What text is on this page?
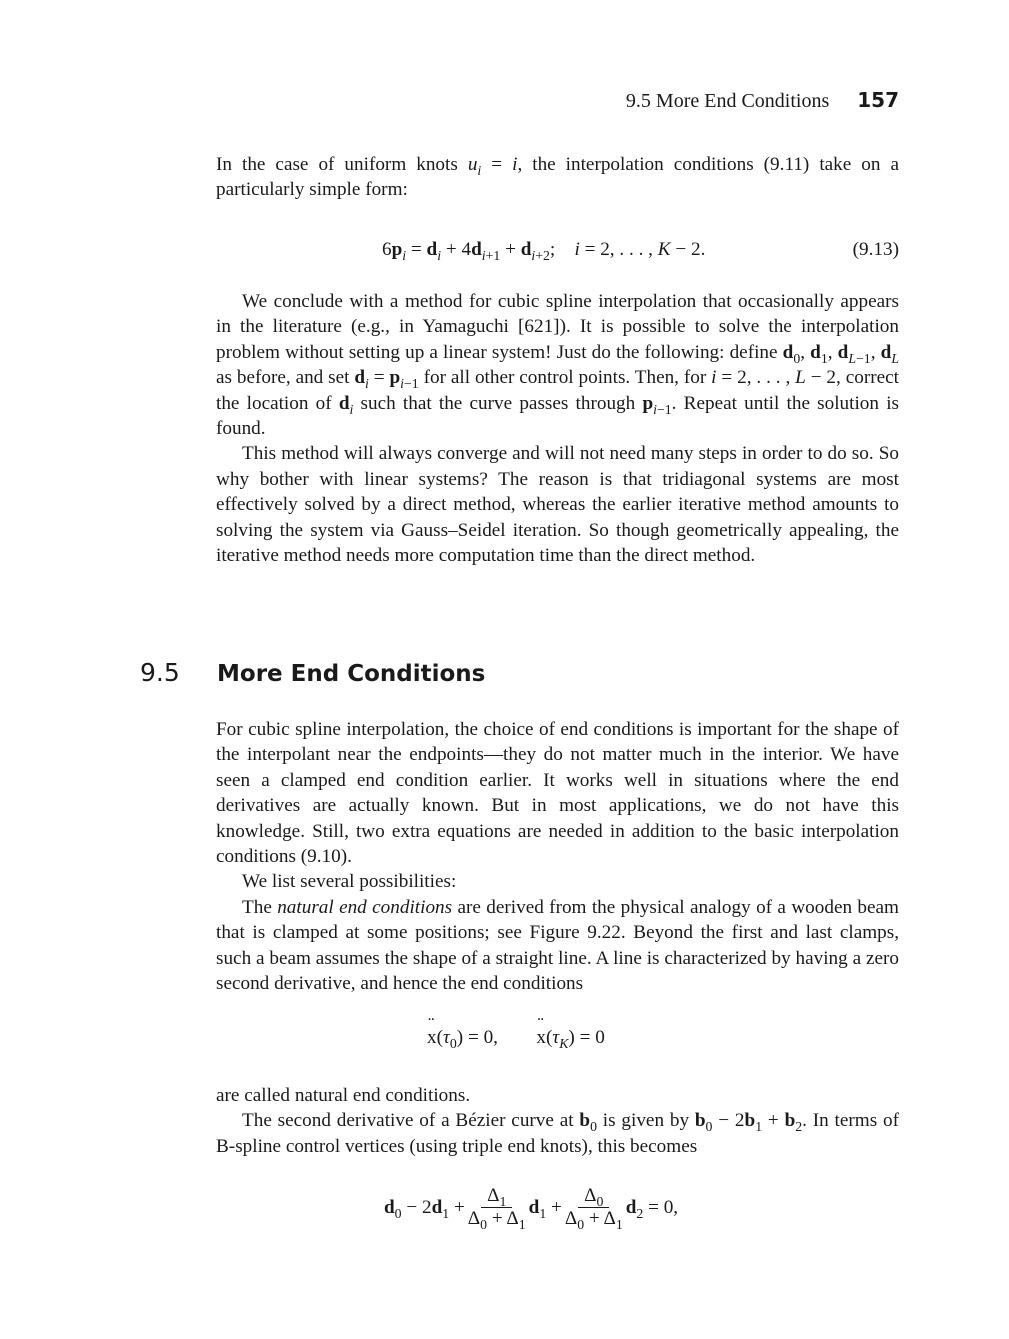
9.5 More End Conditions 157

In the case of uniform knots $u_i = i$, the interpolation conditions (9.11) take on a particularly simple form:

$6p_i = d_i + 4d_{i+1} + d_{i+2}$;    i = 2, . . . , K − 2.	(9.13)

We conclude with a method for cubic spline interpolation that occasionally appears in the literature (e.g., in Yamaguchi [621]). It is possible to solve the interpolation problem without setting up a linear system! Just do the following: define $d_0$, $d_1$, $d_{L-1}$, $d_L$ as before, and set $d_i = p_{i-1}$ for all other control points. Then, for i = 2, . . . , L − 2, correct the location of $d_i$ such that the curve passes through $p_{i-1}$. Repeat until the solution is found.

This method will always converge and will not need many steps in order to do so. So why bother with linear systems? The reason is that tridiagonal systems are most effectively solved by a direct method, whereas the earlier iterative method amounts to solving the system via Gauss–Seidel iteration. So though geometrically appealing, the iterative method needs more computation time than the direct method.

9.5	More End Conditions

For cubic spline interpolation, the choice of end conditions is important for the shape of the interpolant near the endpoints—they do not matter much in the interior. We have seen a clamped end condition earlier. It works well in situations where the end derivatives are actually known. But in most applications, we do not have this knowledge. Still, two extra equations are needed in addition to the basic interpolation conditions (9.10).

We list several possibilities:

The natural end conditions are derived from the physical analogy of a wooden beam that is clamped at some positions; see Figure 9.22. Beyond the first and last clamps, such a beam assumes the shape of a straight line. A line is characterized by having a zero second derivative, and hence the end conditions

¨ $x(\tau_0) = 0$,        ¨ $x(\tau_K) = 0$

are called natural end conditions.

The second derivative of a Bézier curve at $b_0$ is given by $b_0 - 2b_1 + b_2$. In terms of B-spline control vertices (using triple end knots), this becomes

$d_0 - 2d_1 + \frac{\Delta_1}{\Delta_0 + \Delta_1} d_1 + \frac{\Delta_0}{\Delta_0 + \Delta_1} d_2 = 0$,
